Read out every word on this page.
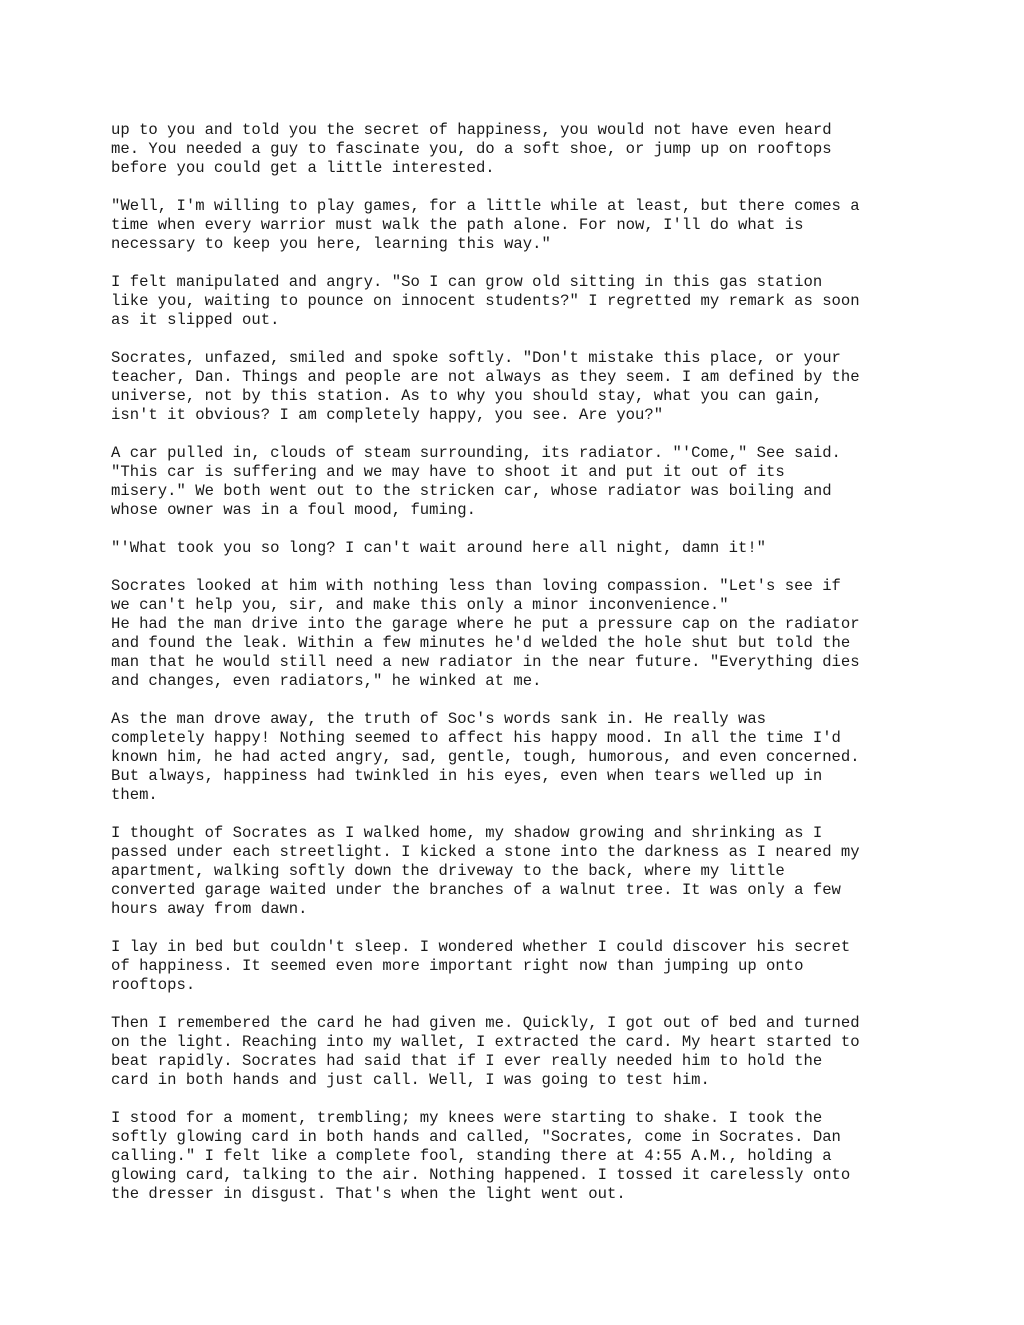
up to you and told you the secret of happiness, you would not have even heard
me. You needed a guy to fascinate you, do a soft shoe, or jump up on rooftops
before you could get a little interested.

"Well, I'm willing to play games, for a little while at least, but there comes a
time when every warrior must walk the path alone. For now, I'll do what is
necessary to keep you here, learning this way."

I felt manipulated and angry. "So I can grow old sitting in this gas station
like you, waiting to pounce on innocent students?" I regretted my remark as soon
as it slipped out.

Socrates, unfazed, smiled and spoke softly. "Don't mistake this place, or your
teacher, Dan. Things and people are not always as they seem. I am defined by the
universe, not by this station. As to why you should stay, what you can gain,
isn't it obvious? I am completely happy, you see. Are you?"

A car pulled in, clouds of steam surrounding, its radiator. "'Come," See said.
"This car is suffering and we may have to shoot it and put it out of its
misery." We both went out to the stricken car, whose radiator was boiling and
whose owner was in a foul mood, fuming.

"'What took you so long? I can't wait around here all night, damn it!"

Socrates looked at him with nothing less than loving compassion. "Let's see if
we can't help you, sir, and make this only a minor inconvenience."
He had the man drive into the garage where he put a pressure cap on the radiator
and found the leak. Within a few minutes he'd welded the hole shut but told the
man that he would still need a new radiator in the near future. "Everything dies
and changes, even radiators," he winked at me.

As the man drove away, the truth of Soc's words sank in. He really was
completely happy! Nothing seemed to affect his happy mood. In all the time I'd
known him, he had acted angry, sad, gentle, tough, humorous, and even concerned.
But always, happiness had twinkled in his eyes, even when tears welled up in
them.

I thought of Socrates as I walked home, my shadow growing and shrinking as I
passed under each streetlight. I kicked a stone into the darkness as I neared my
apartment, walking softly down the driveway to the back, where my little
converted garage waited under the branches of a walnut tree. It was only a few
hours away from dawn.

I lay in bed but couldn't sleep. I wondered whether I could discover his secret
of happiness. It seemed even more important right now than jumping up onto
rooftops.

Then I remembered the card he had given me. Quickly, I got out of bed and turned
on the light. Reaching into my wallet, I extracted the card. My heart started to
beat rapidly. Socrates had said that if I ever really needed him to hold the
card in both hands and just call. Well, I was going to test him.

I stood for a moment, trembling; my knees were starting to shake. I took the
softly glowing card in both hands and called, "Socrates, come in Socrates. Dan
calling." I felt like a complete fool, standing there at 4:55 A.M., holding a
glowing card, talking to the air. Nothing happened. I tossed it carelessly onto
the dresser in disgust. That's when the light went out.
